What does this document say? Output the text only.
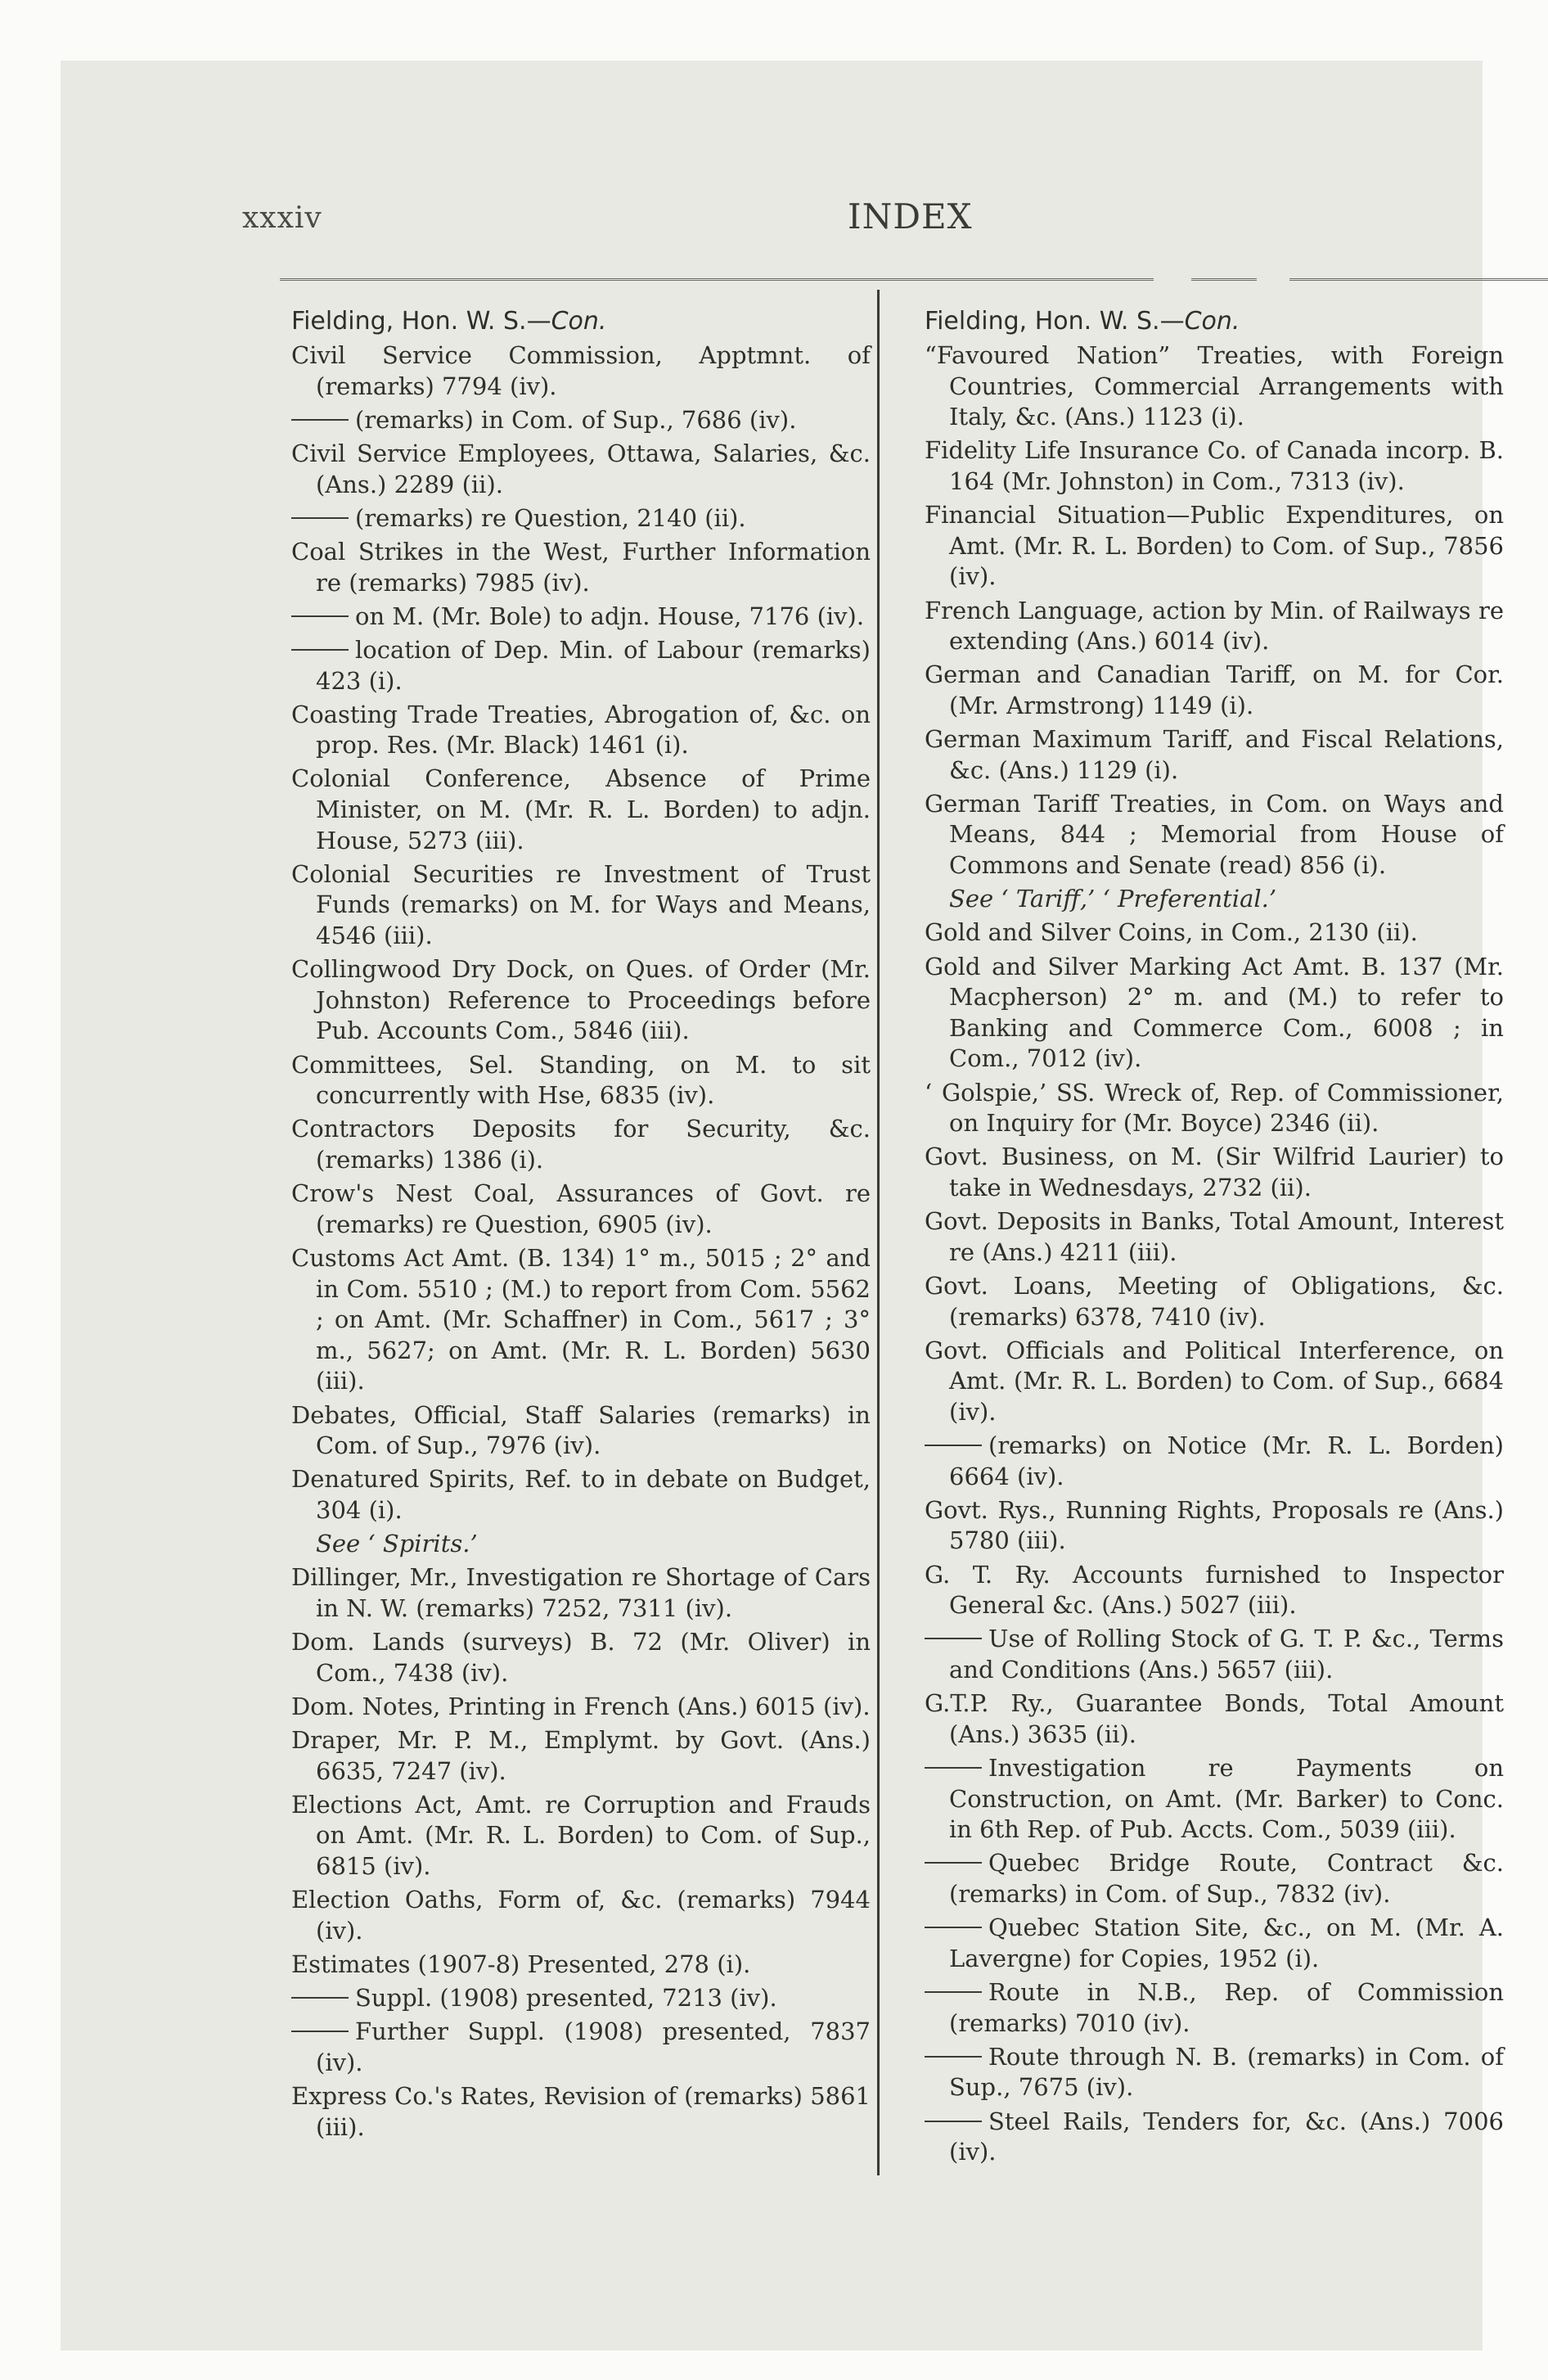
xxxiv	INDEX
Fielding, Hon. W. S.—Con.
Civil Service Commission, Apptmnt. of (remarks) 7794 (iv).
(remarks) in Com. of Sup., 7686 (iv).
Civil Service Employees, Ottawa, Salaries, &c. (Ans.) 2289 (ii).
(remarks) re Question, 2140 (ii).
Coal Strikes in the West, Further Information re (remarks) 7985 (iv).
on M. (Mr. Bole) to adjn. House, 7176 (iv).
location of Dep. Min. of Labour (remarks) 423 (i).
Coasting Trade Treaties, Abrogation of, &c. on prop. Res. (Mr. Black) 1461 (i).
Colonial Conference, Absence of Prime Minister, on M. (Mr. R. L. Borden) to adjn. House, 5273 (iii).
Colonial Securities re Investment of Trust Funds (remarks) on M. for Ways and Means, 4546 (iii).
Collingwood Dry Dock, on Ques. of Order (Mr. Johnston) Reference to Proceedings before Pub. Accounts Com., 5846 (iii).
Committees, Sel. Standing, on M. to sit concurrently with Hse, 6835 (iv).
Contractors Deposits for Security, &c. (remarks) 1386 (i).
Crow's Nest Coal, Assurances of Govt. re (remarks) re Question, 6905 (iv).
Customs Act Amt. (B. 134) 1° m., 5015 ; 2° and in Com. 5510 ; (M.) to report from Com. 5562 ; on Amt. (Mr. Schaffner) in Com., 5617 ; 3° m., 5627; on Amt. (Mr. R. L. Borden) 5630 (iii).
Debates, Official, Staff Salaries (remarks) in Com. of Sup., 7976 (iv).
Denatured Spirits, Ref. to in debate on Budget, 304 (i).
See ‘ Spirits.’
Dillinger, Mr., Investigation re Shortage of Cars in N. W. (remarks) 7252, 7311 (iv).
Dom. Lands (surveys) B. 72 (Mr. Oliver) in Com., 7438 (iv).
Dom. Notes, Printing in French (Ans.) 6015 (iv).
Draper, Mr. P. M., Emplymt. by Govt. (Ans.) 6635, 7247 (iv).
Elections Act, Amt. re Corruption and Frauds on Amt. (Mr. R. L. Borden) to Com. of Sup., 6815 (iv).
Election Oaths, Form of, &c. (remarks) 7944 (iv).
Estimates (1907-8) Presented, 278 (i).
Suppl. (1908) presented, 7213 (iv).
Further Suppl. (1908) presented, 7837 (iv).
Express Co.'s Rates, Revision of (remarks) 5861 (iii).
Fielding, Hon. W. S.—Con.
“Favoured Nation” Treaties, with Foreign Countries, Commercial Arrangements with Italy, &c. (Ans.) 1123 (i).
Fidelity Life Insurance Co. of Canada incorp. B. 164 (Mr. Johnston) in Com., 7313 (iv).
Financial Situation—Public Expenditures, on Amt. (Mr. R. L. Borden) to Com. of Sup., 7856 (iv).
French Language, action by Min. of Railways re extending (Ans.) 6014 (iv).
German and Canadian Tariff, on M. for Cor. (Mr. Armstrong) 1149 (i).
German Maximum Tariff, and Fiscal Relations, &c. (Ans.) 1129 (i).
German Tariff Treaties, in Com. on Ways and Means, 844 ; Memorial from House of Commons and Senate (read) 856 (i).
See ‘ Tariff,’ ‘ Preferential.’
Gold and Silver Coins, in Com., 2130 (ii).
Gold and Silver Marking Act Amt. B. 137 (Mr. Macpherson) 2° m. and (M.) to refer to Banking and Commerce Com., 6008 ; in Com., 7012 (iv).
‘ Golspie,’ SS. Wreck of, Rep. of Commissioner, on Inquiry for (Mr. Boyce) 2346 (ii).
Govt. Business, on M. (Sir Wilfrid Laurier) to take in Wednesdays, 2732 (ii).
Govt. Deposits in Banks, Total Amount, Interest re (Ans.) 4211 (iii).
Govt. Loans, Meeting of Obligations, &c. (remarks) 6378, 7410 (iv).
Govt. Officials and Political Interference, on Amt. (Mr. R. L. Borden) to Com. of Sup., 6684 (iv).
(remarks) on Notice (Mr. R. L. Borden) 6664 (iv).
Govt. Rys., Running Rights, Proposals re (Ans.) 5780 (iii).
G. T. Ry. Accounts furnished to Inspector General &c. (Ans.) 5027 (iii).
Use of Rolling Stock of G. T. P. &c., Terms and Conditions (Ans.) 5657 (iii).
G.T.P. Ry., Guarantee Bonds, Total Amount (Ans.) 3635 (ii).
Investigation re Payments on Construction, on Amt. (Mr. Barker) to Conc. in 6th Rep. of Pub. Accts. Com., 5039 (iii).
Quebec Bridge Route, Contract &c. (remarks) in Com. of Sup., 7832 (iv).
Quebec Station Site, &c., on M. (Mr. A. Lavergne) for Copies, 1952 (i).
Route in N.B., Rep. of Commission (remarks) 7010 (iv).
Route through N. B. (remarks) in Com. of Sup., 7675 (iv).
Steel Rails, Tenders for, &c. (Ans.) 7006 (iv).
